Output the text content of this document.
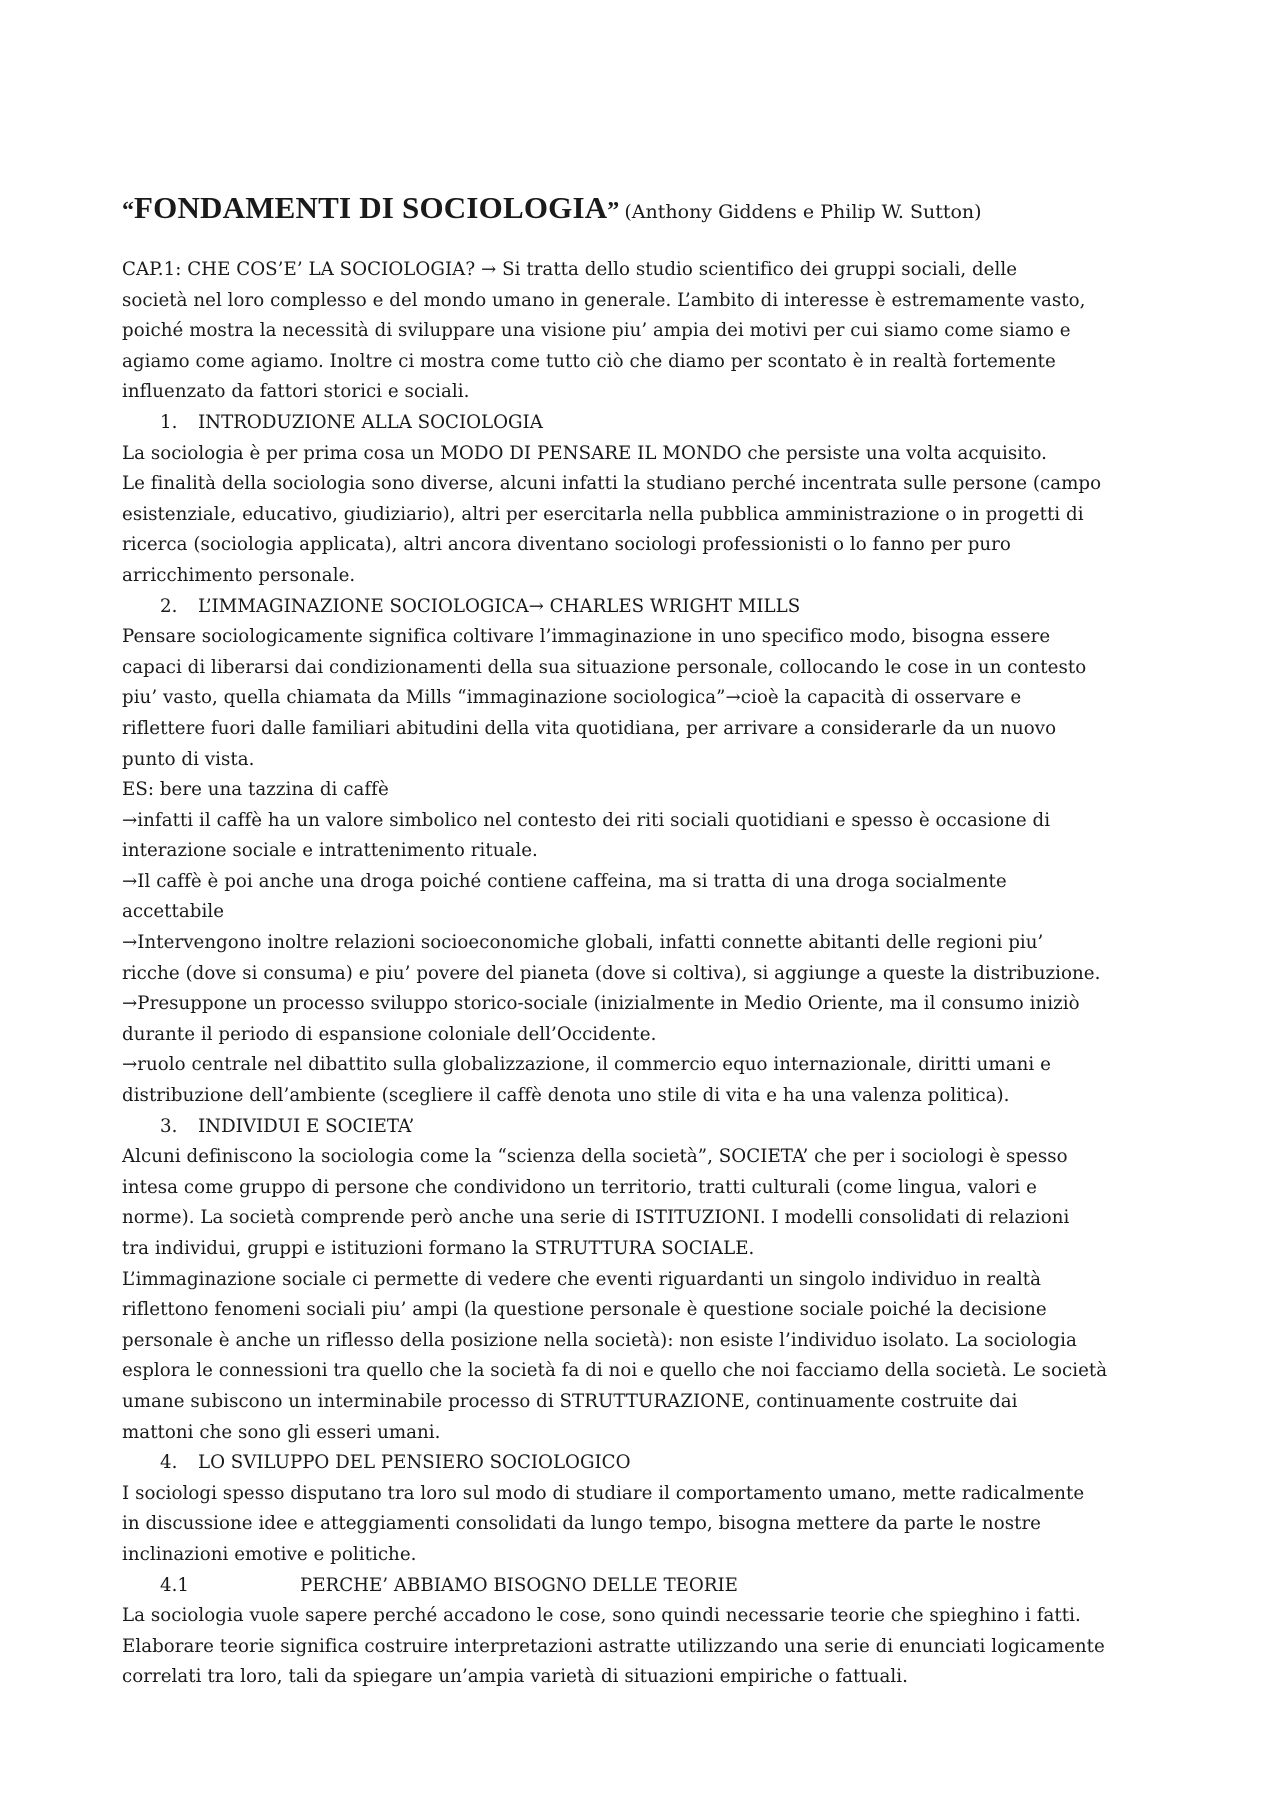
“FONDAMENTI DI SOCIOLOGIA” (Anthony Giddens e Philip W. Sutton)
CAP.1: CHE COS’E’ LA SOCIOLOGIA? → Si tratta dello studio scientifico dei gruppi sociali, delle
società nel loro complesso e del mondo umano in generale. L’ambito di interesse è estremamente vasto,
poiché mostra la necessità di sviluppare una visione piu’ ampia dei motivi per cui siamo come siamo e
agiamo come agiamo. Inoltre ci mostra come tutto ciò che diamo per scontato è in realtà fortemente
influenzato da fattori storici e sociali.
1. INTRODUZIONE ALLA SOCIOLOGIA
La sociologia è per prima cosa un MODO DI PENSARE IL MONDO che persiste una volta acquisito.
Le finalità della sociologia sono diverse, alcuni infatti la studiano perché incentrata sulle persone (campo
esistenziale, educativo, giudiziario), altri per esercitarla nella pubblica amministrazione o in progetti di
ricerca (sociologia applicata), altri ancora diventano sociologi professionisti o lo fanno per puro
arricchimento personale.
2. L’IMMAGINAZIONE SOCIOLOGICA→ CHARLES WRIGHT MILLS
Pensare sociologicamente significa coltivare l’immaginazione in uno specifico modo, bisogna essere
capaci di liberarsi dai condizionamenti della sua situazione personale, collocando le cose in un contesto
piu’ vasto, quella chiamata da Mills “immaginazione sociologica”→cioè la capacità di osservare e
riflettere fuori dalle familiari abitudini della vita quotidiana, per arrivare a considerarle da un nuovo
punto di vista.
ES: bere una tazzina di caffè
→infatti il caffè ha un valore simbolico nel contesto dei riti sociali quotidiani e spesso è occasione di
interazione sociale e intrattenimento rituale.
→Il caffè è poi anche una droga poiché contiene caffeina, ma si tratta di una droga socialmente
accettabile
→Intervengono inoltre relazioni socioeconomiche globali, infatti connette abitanti delle regioni piu’
ricche (dove si consuma) e piu’ povere del pianeta (dove si coltiva), si aggiunge a queste la distribuzione.
→Presuppone un processo sviluppo storico-sociale (inizialmente in Medio Oriente, ma il consumo iniziò
durante il periodo di espansione coloniale dell’Occidente.
→ruolo centrale nel dibattito sulla globalizzazione, il commercio equo internazionale, diritti umani e
distribuzione dell’ambiente (scegliere il caffè denota uno stile di vita e ha una valenza politica).
3. INDIVIDUI E SOCIETA’
Alcuni definiscono la sociologia come la “scienza della società”, SOCIETA’ che per i sociologi è spesso
intesa come gruppo di persone che condividono un territorio, tratti culturali (come lingua, valori e
norme). La società comprende però anche una serie di ISTITUZIONI. I modelli consolidati di relazioni
tra individui, gruppi e istituzioni formano la STRUTTURA SOCIALE.
L’immaginazione sociale ci permette di vedere che eventi riguardanti un singolo individuo in realtà
riflettono fenomeni sociali piu’ ampi (la questione personale è questione sociale poiché la decisione
personale è anche un riflesso della posizione nella società): non esiste l’individuo isolato. La sociologia
esplora le connessioni tra quello che la società fa di noi e quello che noi facciamo della società. Le società
umane subiscono un interminabile processo di STRUTTURAZIONE, continuamente costruite dai
mattoni che sono gli esseri umani.
4. LO SVILUPPO DEL PENSIERO SOCIOLOGICO
I sociologi spesso disputano tra loro sul modo di studiare il comportamento umano, mette radicalmente
in discussione idee e atteggiamenti consolidati da lungo tempo, bisogna mettere da parte le nostre
inclinazioni emotive e politiche.
4.1	PERCHE’ ABBIAMO BISOGNO DELLE TEORIE
La sociologia vuole sapere perché accadono le cose, sono quindi necessarie teorie che spieghino i fatti.
Elaborare teorie significa costruire interpretazioni astratte utilizzando una serie di enunciati logicamente
correlati tra loro, tali da spiegare un’ampia varietà di situazioni empiriche o fattuali.
